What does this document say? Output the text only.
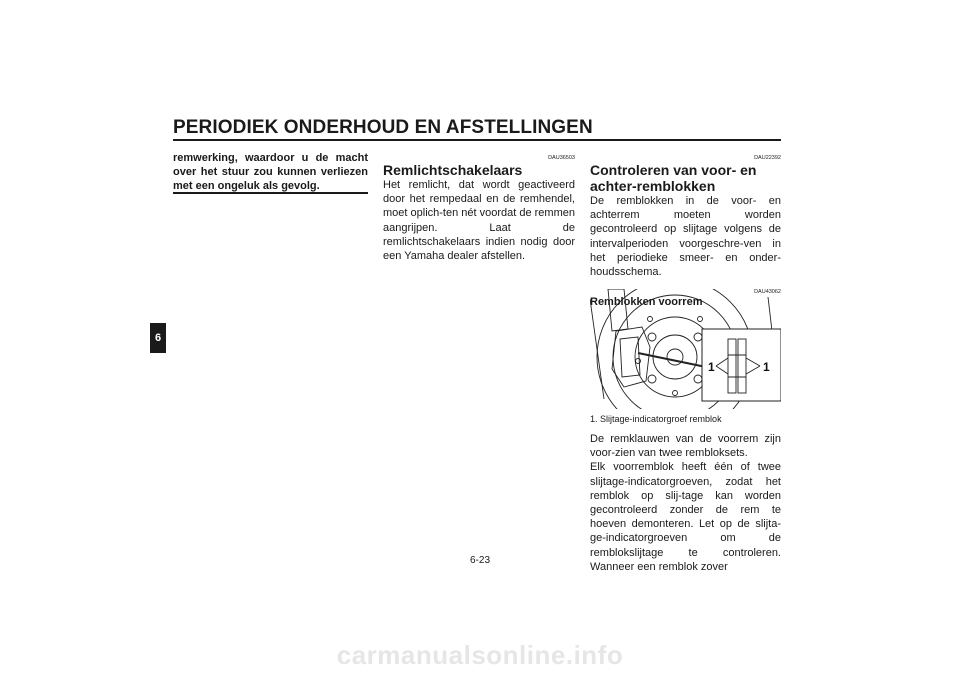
PERIODIEK ONDERHOUD EN AFSTELLINGEN
6
remwerking, waardoor u de macht over het stuur zou kunnen verliezen met een ongeluk als gevolg.
DAU36503
Remlichtschakelaars
Het remlicht, dat wordt geactiveerd door het rempedaal en de remhendel, moet oplich-ten nét voordat de remmen aangrijpen. Laat de remlichtschakelaars indien nodig door een Yamaha dealer afstellen.
DAU22392
Controleren van voor- en achter-remblokken
De remblokken in de voor- en achterrem moeten worden gecontroleerd op slijtage volgens de intervalperioden voorgeschre-ven in het periodieke smeer- en onder-houdsschema.
DAU43062
Remblokken voorrem
1	1
1. Slijtage-indicatorgroef remblok
De remklauwen van de voorrem zijn voor-zien van twee rembloksets.
Elk voorremblok heeft één of twee slijtage-indicatorgroeven, zodat het remblok op slij-tage kan worden gecontroleerd zonder de rem te hoeven demonteren. Let op de slijta-ge-indicatorgroeven om de remblokslijtage te controleren. Wanneer een remblok zover
6-23
carmanualsonline.info
